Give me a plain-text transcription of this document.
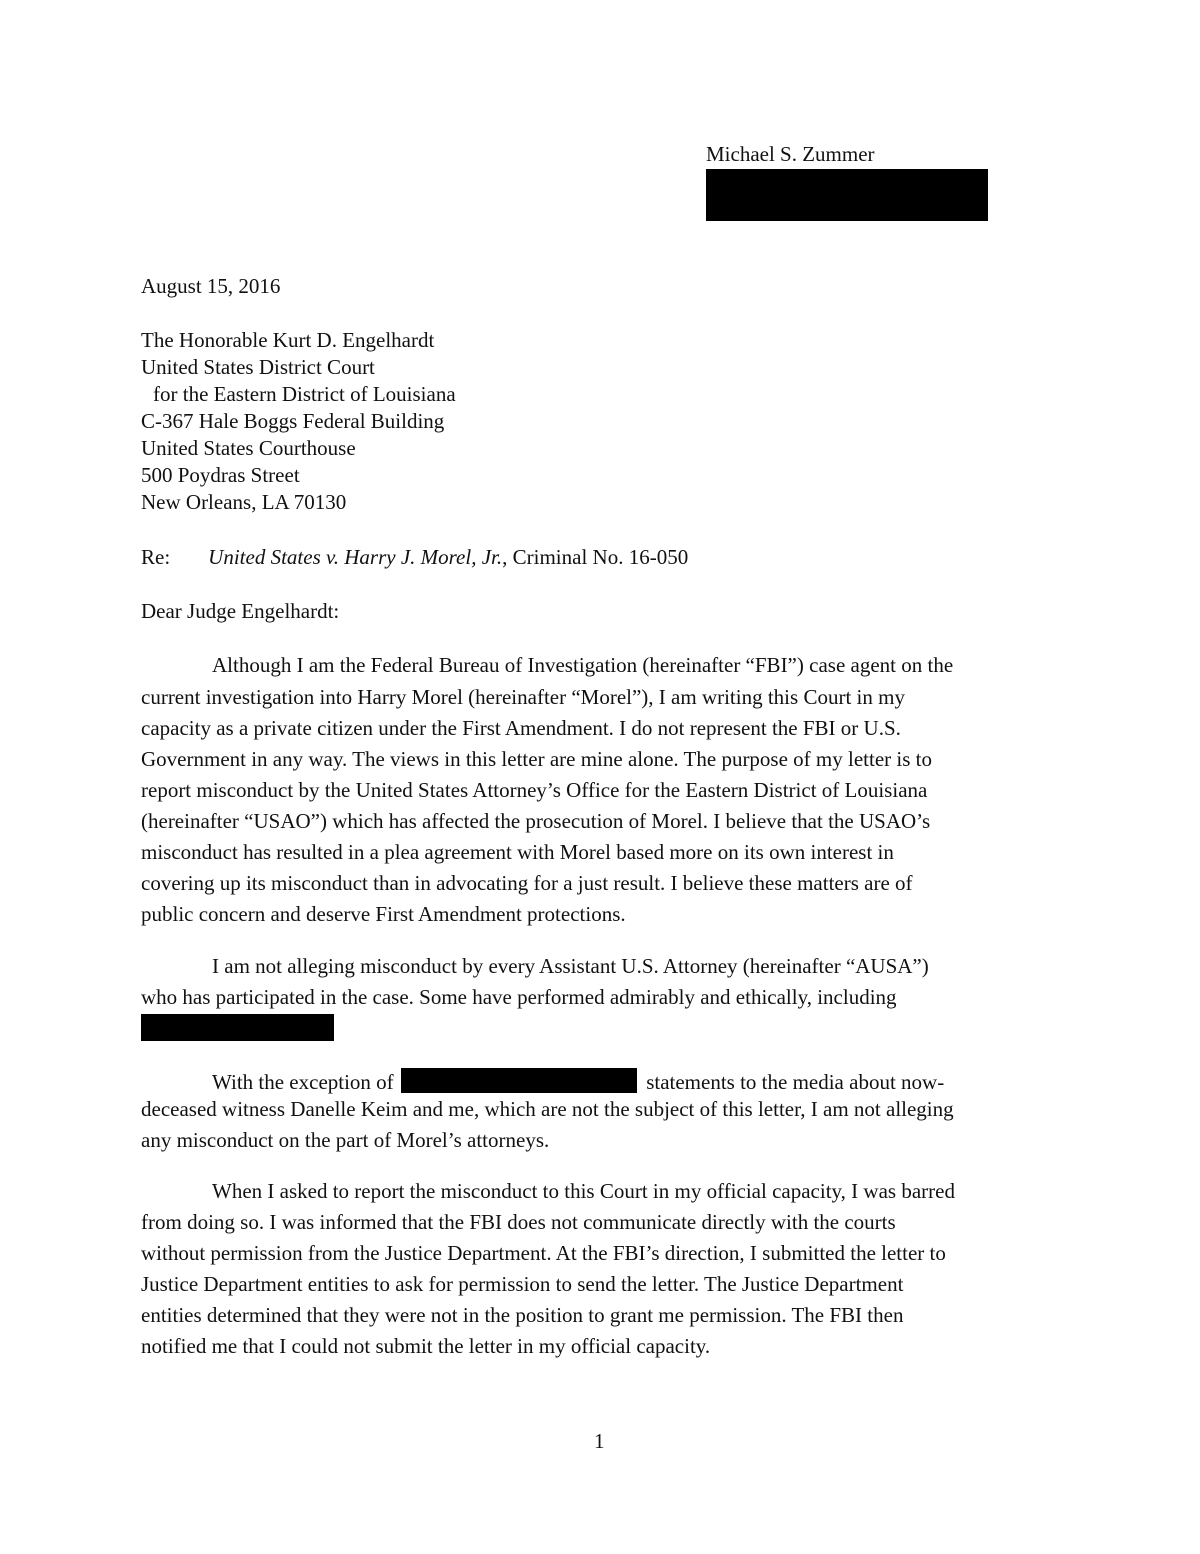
Michael S. Zummer
August 15, 2016
The Honorable Kurt D. Engelhardt
United States District Court
for the Eastern District of Louisiana
C-367 Hale Boggs Federal Building
United States Courthouse
500 Poydras Street
New Orleans, LA 70130
Re: United States v. Harry J. Morel, Jr., Criminal No. 16-050
Dear Judge Engelhardt:
Although I am the Federal Bureau of Investigation (hereinafter “FBI”) case agent on the
current investigation into Harry Morel (hereinafter “Morel”), I am writing this Court in my
capacity as a private citizen under the First Amendment. I do not represent the FBI or U.S.
Government in any way. The views in this letter are mine alone. The purpose of my letter is to
report misconduct by the United States Attorney’s Office for the Eastern District of Louisiana
(hereinafter “USAO”) which has affected the prosecution of Morel. I believe that the USAO’s
misconduct has resulted in a plea agreement with Morel based more on its own interest in
covering up its misconduct than in advocating for a just result. I believe these matters are of
public concern and deserve First Amendment protections.
I am not alleging misconduct by every Assistant U.S. Attorney (hereinafter “AUSA”)
who has participated in the case. Some have performed admirably and ethically, including
With the exception of	statements to the media about now-
deceased witness Danelle Keim and me, which are not the subject of this letter, I am not alleging
any misconduct on the part of Morel’s attorneys.
When I asked to report the misconduct to this Court in my official capacity, I was barred
from doing so. I was informed that the FBI does not communicate directly with the courts
without permission from the Justice Department. At the FBI’s direction, I submitted the letter to
Justice Department entities to ask for permission to send the letter. The Justice Department
entities determined that they were not in the position to grant me permission. The FBI then
notified me that I could not submit the letter in my official capacity.
1
